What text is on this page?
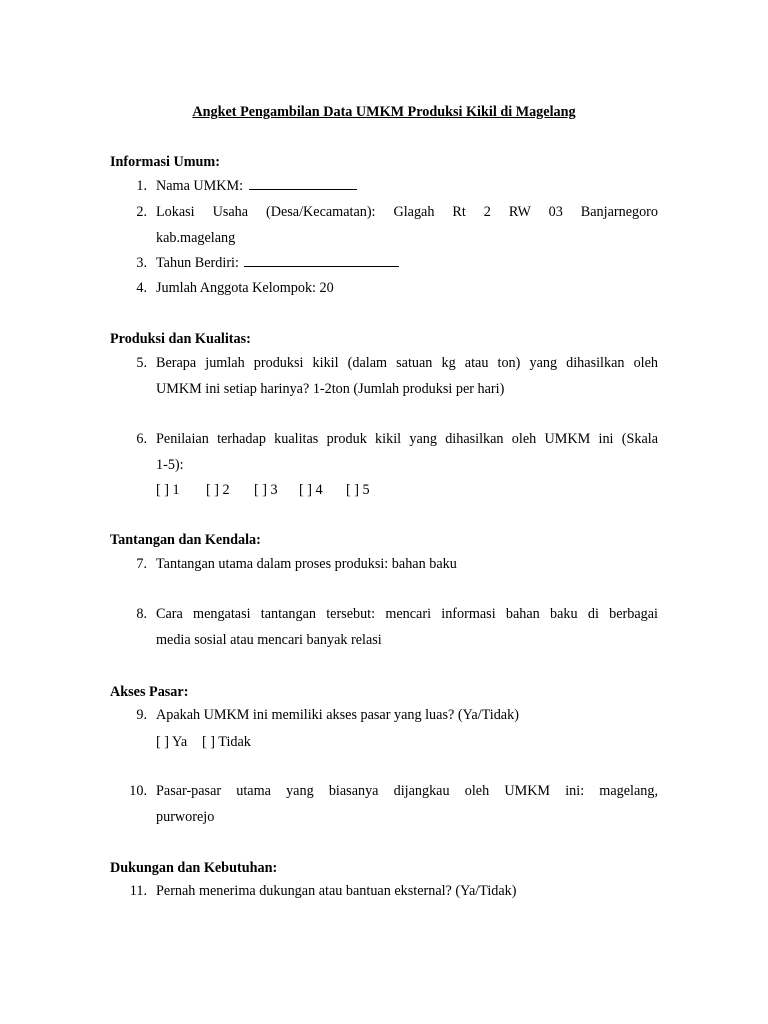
Angket Pengambilan Data UMKM Produksi Kikil di Magelang
Informasi Umum:
1. Nama UMKM:
2. Lokasi Usaha (Desa/Kecamatan): Glagah Rt 2 RW 03 Banjarnegoro
kab.magelang
3. Tahun Berdiri:
4. Jumlah Anggota Kelompok: 20
Produksi dan Kualitas:
5. Berapa jumlah produksi kikil (dalam satuan kg atau ton) yang dihasilkan oleh
UMKM ini setiap harinya? 1-2ton (Jumlah produksi per hari)
6. Penilaian terhadap kualitas produk kikil yang dihasilkan oleh UMKM ini (Skala
1-5):
[ ] 1 [ ] 2 [ ] 3 [ ] 4 [ ] 5
Tantangan dan Kendala:
7. Tantangan utama dalam proses produksi: bahan baku
8. Cara mengatasi tantangan tersebut: mencari informasi bahan baku di berbagai
media sosial atau mencari banyak relasi
Akses Pasar:
9. Apakah UMKM ini memiliki akses pasar yang luas? (Ya/Tidak)
[ ] Ya [ ] Tidak
10. Pasar-pasar utama yang biasanya dijangkau oleh UMKM ini: magelang,
purworejo
Dukungan dan Kebutuhan:
11. Pernah menerima dukungan atau bantuan eksternal? (Ya/Tidak)
